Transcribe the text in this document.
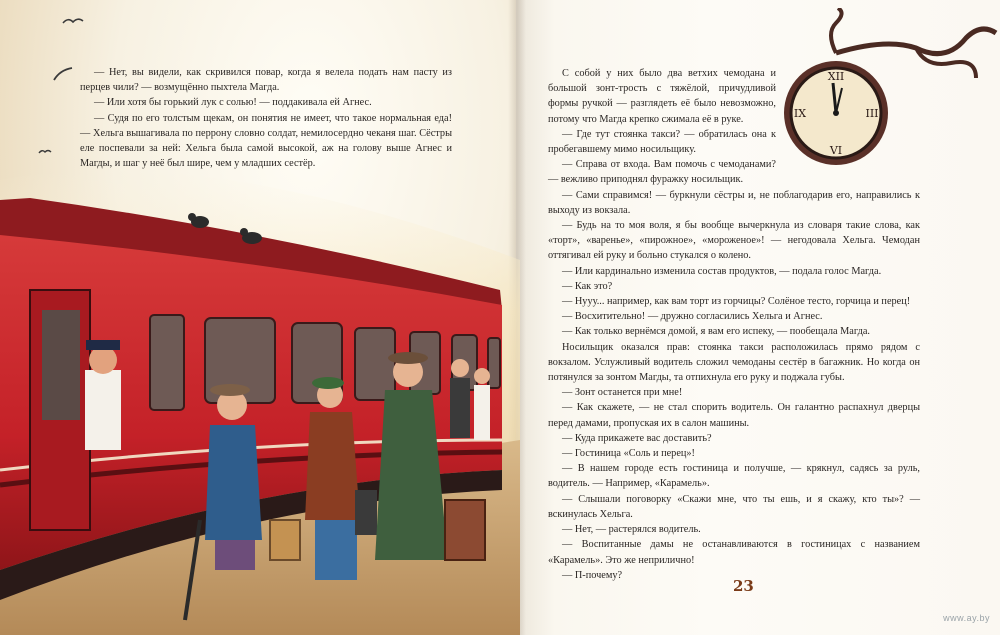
XII
III
VI
IX

— Нет, вы видели, как скривился повар, когда я велела подать нам пасту из перцев чили? — возмущённо пыхтела Магда.

— Или хотя бы горький лук с солью! — поддакивала ей Агнес.

— Судя по его толстым щекам, он понятия не имеет, что такое нормальная еда! — Хельга вышагивала по перрону словно солдат, немилосердно чеканя шаг. Сёстры еле поспевали за ней: Хельга была самой высокой, аж на голову выше Агнес и Магды, и шаг у неё был шире, чем у младших сестёр.

С собой у них было два ветхих чемодана и большой зонт-трость с тяжёлой, причудливой формы ручкой — разглядеть её было невозможно, потому что Магда крепко сжимала её в руке.

— Где тут стоянка такси? — обратилась она к пробегавшему мимо носильщику.

— Справа от входа. Вам помочь с чемоданами? — вежливо приподнял фуражку носильщик.

— Сами справимся! — буркнули сёстры и, не поблагодарив его, направились к выходу из вокзала.

— Будь на то моя воля, я бы вообще вычеркнула из словаря такие слова, как «торт», «варенье», «пирожное», «мороженое»! — негодовала Хельга. Чемодан оттягивал ей руку и больно стукался о колено.

— Или кардинально изменила состав продуктов, — подала голос Магда.

— Как это?

— Нууу... например, как вам торт из горчицы? Солёное тесто, горчица и перец!

— Восхитительно! — дружно согласились Хельга и Агнес.

— Как только вернёмся домой, я вам его испеку, — пообещала Магда.

Носильщик оказался прав: стоянка такси расположилась прямо рядом с вокзалом. Услужливый водитель сложил чемоданы сестёр в багажник. Но когда он потянулся за зонтом Магды, та отпихнула его руку и поджала губы.

— Зонт останется при мне!

— Как скажете, — не стал спорить водитель. Он галантно распахнул дверцы перед дамами, пропуская их в салон машины.

— Куда прикажете вас доставить?

— Гостиница «Соль и перец»!

— В нашем городе есть гостиница и получше, — крякнул, садясь за руль, водитель. — Например, «Карамель».

— Слышали поговорку «Скажи мне, что ты ешь, и я скажу, кто ты»? — вскинулась Хельга.

— Нет, — растерялся водитель.

— Воспитанные дамы не останавливаются в гостиницах с названием «Карамель». Это же неприлично!

— П-почему?

23
www.ay.by
